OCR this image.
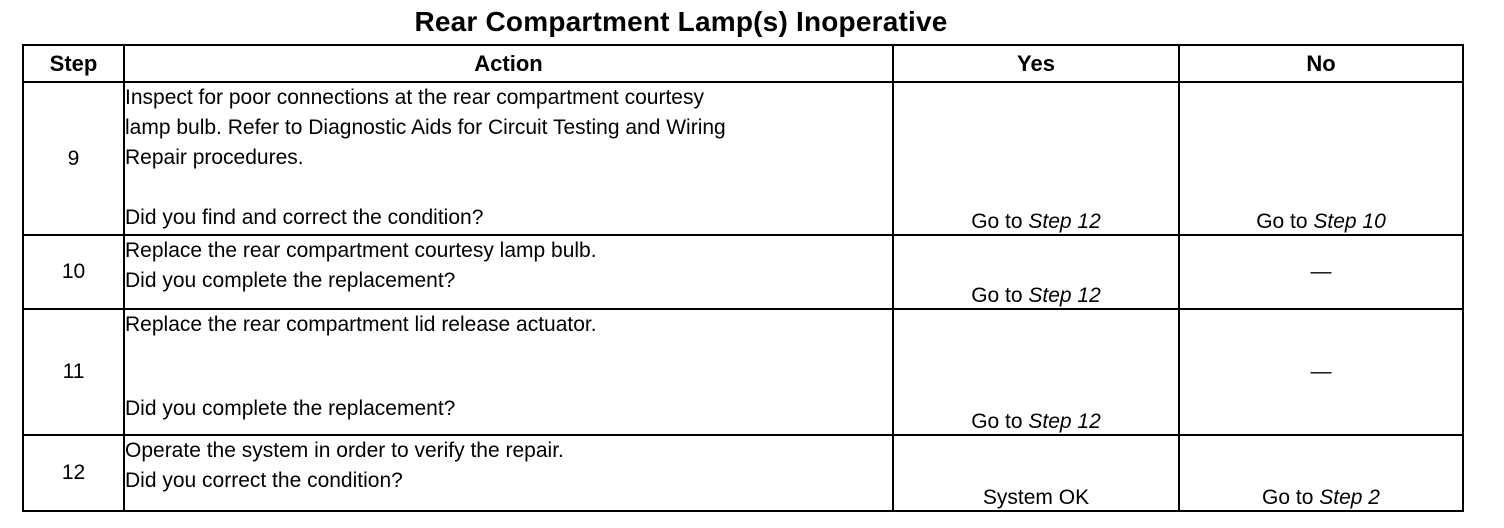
Rear Compartment Lamp(s) Inoperative
Step	Action	Yes	No
9	Inspect for poor connections at the rear compartment courtesy
lamp bulb. Refer to Diagnostic Aids for Circuit Testing and Wiring
Repair procedures.
Did you find and correct the condition?	Go to Step 12	Go to Step 10
10	Replace the rear compartment courtesy lamp bulb.
Did you complete the replacement?	Go to Step 12	—
11	Replace the rear compartment lid release actuator.
Did you complete the replacement?	Go to Step 12	—
12	Operate the system in order to verify the repair.
Did you correct the condition?	System OK	Go to Step 2
